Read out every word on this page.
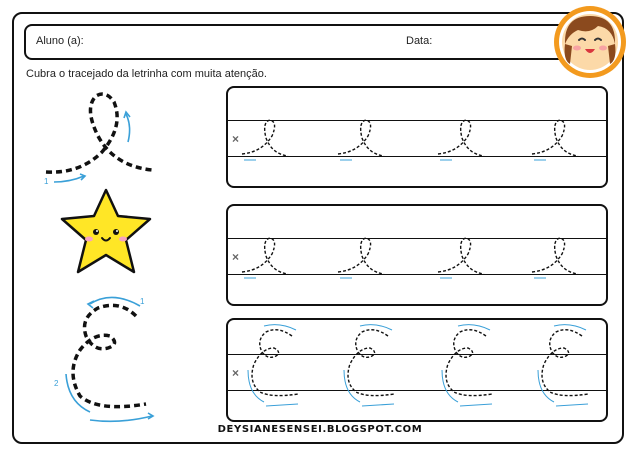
Aluno (a):	Data:
Cubra o tracejado da letrinha com muita atenção.
1
1
2
×
×
×
DEYSIANESENSEI.BLOGSPOT.COM
